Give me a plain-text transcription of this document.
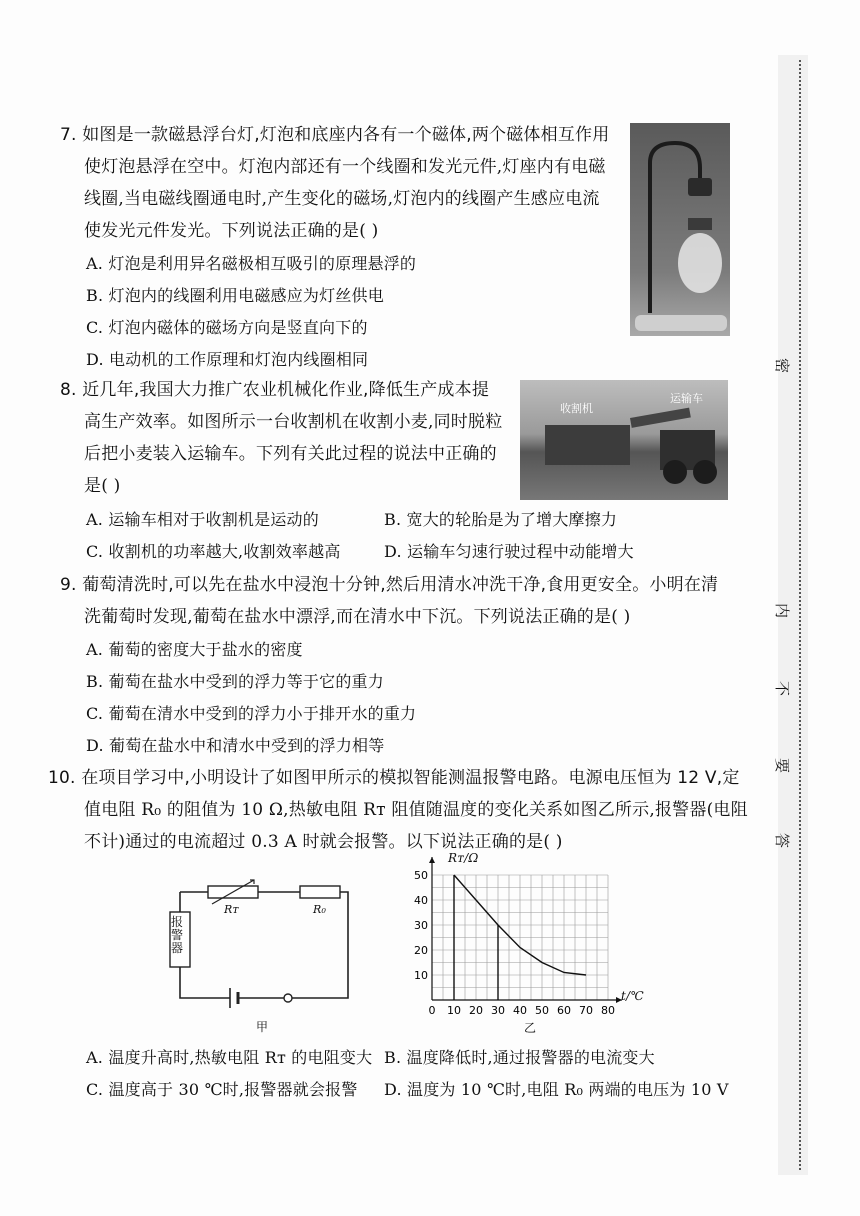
密
内
不
要
答
7. 如图是一款磁悬浮台灯,灯泡和底座内各有一个磁体,两个磁体相互作用
使灯泡悬浮在空中。灯泡内部还有一个线圈和发光元件,灯座内有电磁
线圈,当电磁线圈通电时,产生变化的磁场,灯泡内的线圈产生感应电流
使发光元件发光。下列说法正确的是( )
A. 灯泡是利用异名磁极相互吸引的原理悬浮的
B. 灯泡内的线圈利用电磁感应为灯丝供电
C. 灯泡内磁体的磁场方向是竖直向下的
D. 电动机的工作原理和灯泡内线圈相同
8. 近几年,我国大力推广农业机械化作业,降低生产成本提
高生产效率。如图所示一台收割机在收割小麦,同时脱粒
后把小麦装入运输车。下列有关此过程的说法中正确的
是( )
收割机
运输车
A. 运输车相对于收割机是运动的	B. 宽大的轮胎是为了增大摩擦力
C. 收割机的功率越大,收割效率越高	D. 运输车匀速行驶过程中动能增大
9. 葡萄清洗时,可以先在盐水中浸泡十分钟,然后用清水冲洗干净,食用更安全。小明在清
洗葡萄时发现,葡萄在盐水中漂浮,而在清水中下沉。下列说法正确的是( )
A. 葡萄的密度大于盐水的密度
B. 葡萄在盐水中受到的浮力等于它的重力
C. 葡萄在清水中受到的浮力小于排开水的重力
D. 葡萄在盐水中和清水中受到的浮力相等
10. 在项目学习中,小明设计了如图甲所示的模拟智能测温报警电路。电源电压恒为 12 V,定
值电阻 R₀ 的阻值为 10 Ω,热敏电阻 Rᴛ 阻值随温度的变化关系如图乙所示,报警器(电阻
不计)通过的电流超过 0.3 A 时就会报警。以下说法正确的是( )
报警器
Rᴛ	R₀
甲
0 10 20 30 40 50 60 70 80
10
20
30
40
50
Rᴛ/Ω
t/℃
乙
A. 温度升高时,热敏电阻 Rᴛ 的电阻变大 B. 温度降低时,通过报警器的电流变大
C. 温度高于 30 ℃时,报警器就会报警 D. 温度为 10 ℃时,电阻 R₀ 两端的电压为 10 V
